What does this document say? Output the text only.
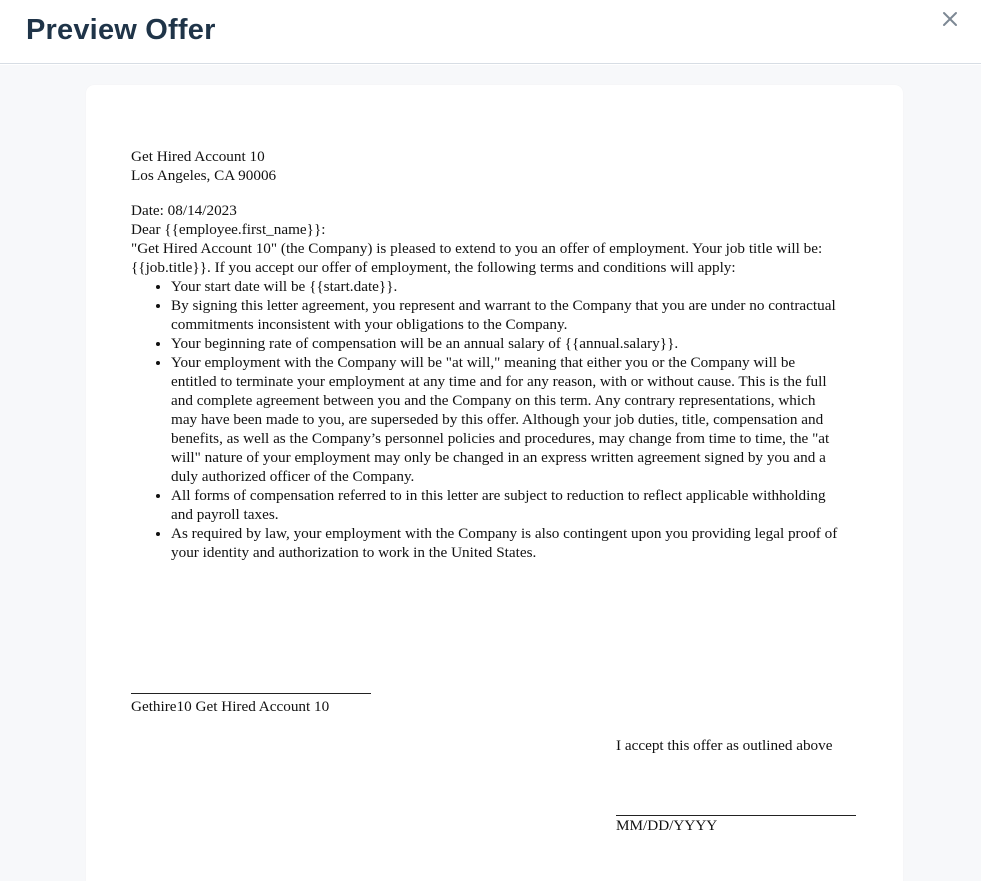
Preview Offer

Get Hired Account 10

Los Angeles, CA 90006

Date: 08/14/2023

Dear {{employee.first_name}}:

"Get Hired Account 10" (the Company) is pleased to extend to you an offer of employment. Your job title will be: {{job.title}}. If you accept our offer of employment, the following terms and conditions will apply:

• Your start date will be {{start.date}}.
• By signing this letter agreement, you represent and warrant to the Company that you are under no contractual commitments inconsistent with your obligations to the Company.
• Your beginning rate of compensation will be an annual salary of {{annual.salary}}.
• Your employment with the Company will be "at will," meaning that either you or the Company will be entitled to terminate your employment at any time and for any reason, with or without cause. This is the full and complete agreement between you and the Company on this term. Any contrary representations, which may have been made to you, are superseded by this offer. Although your job duties, title, compensation and benefits, as well as the Company’s personnel policies and procedures, may change from time to time, the "at will" nature of your employment may only be changed in an express written agreement signed by you and a duly authorized officer of the Company.
• All forms of compensation referred to in this letter are subject to reduction to reflect applicable withholding and payroll taxes.
• As required by law, your employment with the Company is also contingent upon you providing legal proof of your identity and authorization to work in the United States.

Gethire10 Get Hired Account 10

I accept this offer as outlined above

MM/DD/YYYY
